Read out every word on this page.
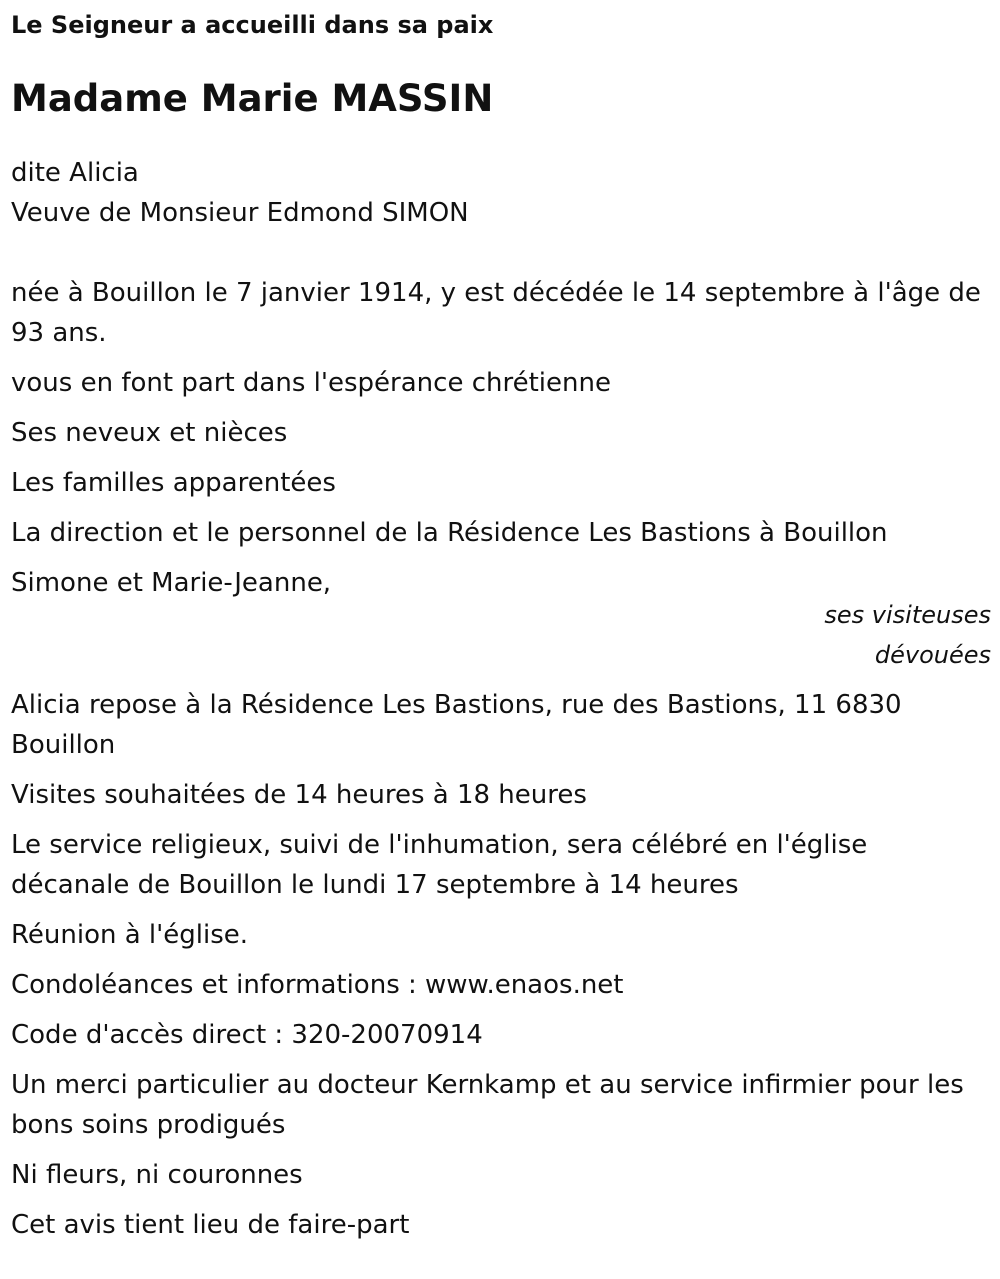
Le Seigneur a accueilli dans sa paix
Madame Marie MASSIN
dite Alicia
Veuve de Monsieur Edmond SIMON
née à Bouillon le 7 janvier 1914, y est décédée le 14 septembre à l'âge de 93 ans.
vous en font part dans l'espérance chrétienne
Ses neveux et nièces
Les familles apparentées
La direction et le personnel de la Résidence Les Bastions à Bouillon
Simone et Marie-Jeanne,
ses visiteuses
dévouées
Alicia repose à la Résidence Les Bastions, rue des Bastions, 11 6830 Bouillon
Visites souhaitées de 14 heures à 18 heures
Le service religieux, suivi de l'inhumation, sera célébré en l'église décanale de Bouillon le lundi 17 septembre à 14 heures
Réunion à l'église.
Condoléances et informations : www.enaos.net
Code d'accès direct : 320-20070914
Un merci particulier au docteur Kernkamp et au service infirmier pour les bons soins prodigués
Ni fleurs, ni couronnes
Cet avis tient lieu de faire-part
